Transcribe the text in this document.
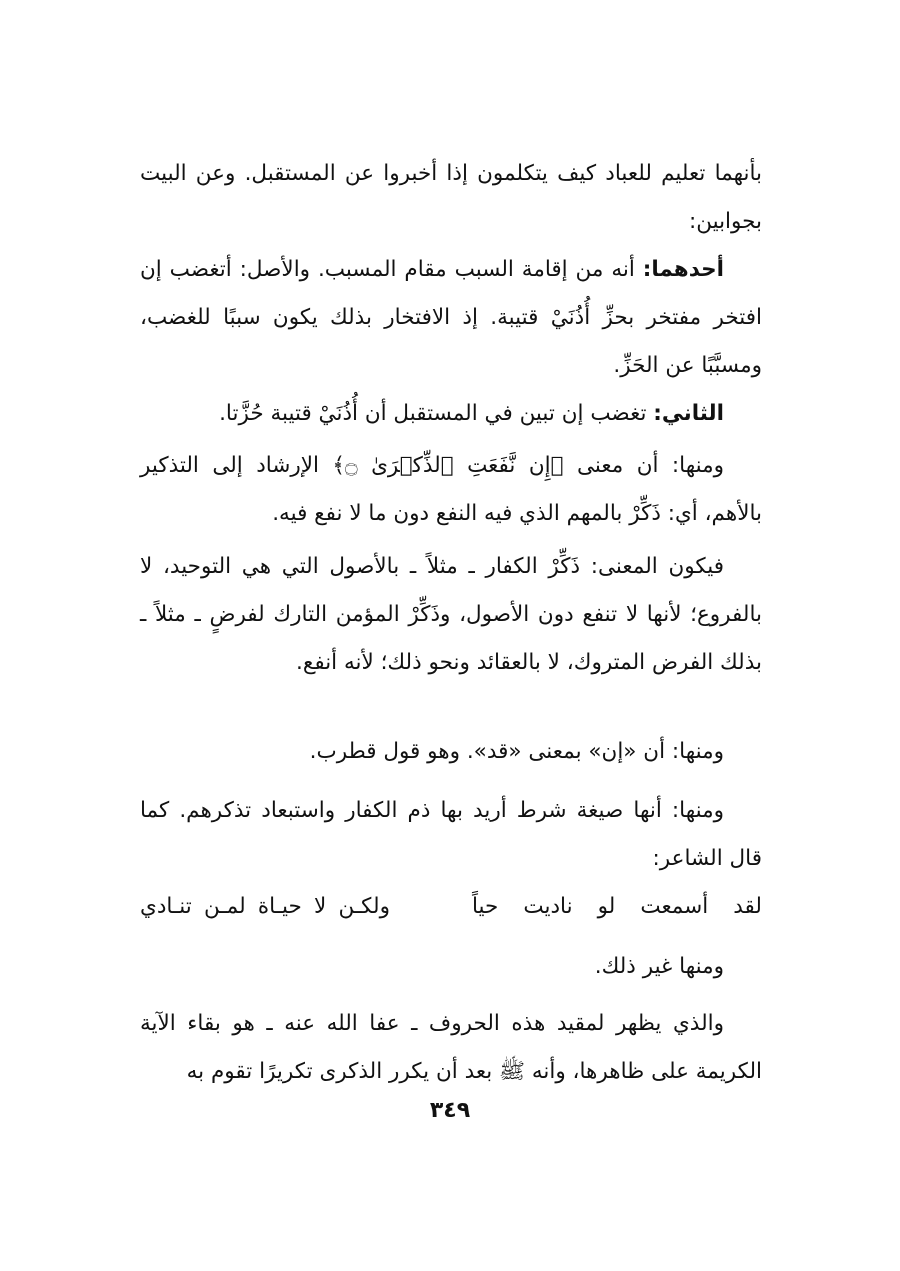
بأنهما تعليم للعباد كيف يتكلمون إذا أخبروا عن المستقبل. وعن البيت بجوابين:

أحدهما: أنه من إقامة السبب مقام المسبب. والأصل: أتغضب إن افتخر مفتخر بحزِّ أُذُنَيْ قتيبة. إذ الافتخار بذلك يكون سببًا للغضب، ومسبَّبًا عن الحَزِّ.

الثاني: تغضب إن تبين في المستقبل أن أُذُنَيْ قتيبة حُزَّتا.

ومنها: أن معنى ﴿إِن نَّفَعَتِ ٱلذِّكۡرَىٰ ۝﴾ الإرشاد إلى التذكير بالأهم، أي: ذَكِّرْ بالمهم الذي فيه النفع دون ما لا نفع فيه.

فيكون المعنى: ذَكِّرْ الكفار ـ مثلاً ـ بالأصول التي هي التوحيد، لا بالفروع؛ لأنها لا تنفع دون الأصول، وذَكِّرْ المؤمن التارك لفرضٍ ـ مثلاً ـ بذلك الفرض المتروك، لا بالعقائد ونحو ذلك؛ لأنه أنفع.

ومنها: أن «إن» بمعنى «قد». وهو قول قطرب.

ومنها: أنها صيغة شرط أريد بها ذم الكفار واستبعاد تذكرهم. كما قال الشاعر:

لقد أسمعت لو ناديت حياً
ولكـن لا حيـاة لمـن تنـادي

ومنها غير ذلك.

والذي يظهر لمقيد هذه الحروف ـ عفا الله عنه ـ هو بقاء الآية الكريمة على ظاهرها، وأنه ﷺ بعد أن يكرر الذكرى تكريرًا تقوم به

٣٤٩
